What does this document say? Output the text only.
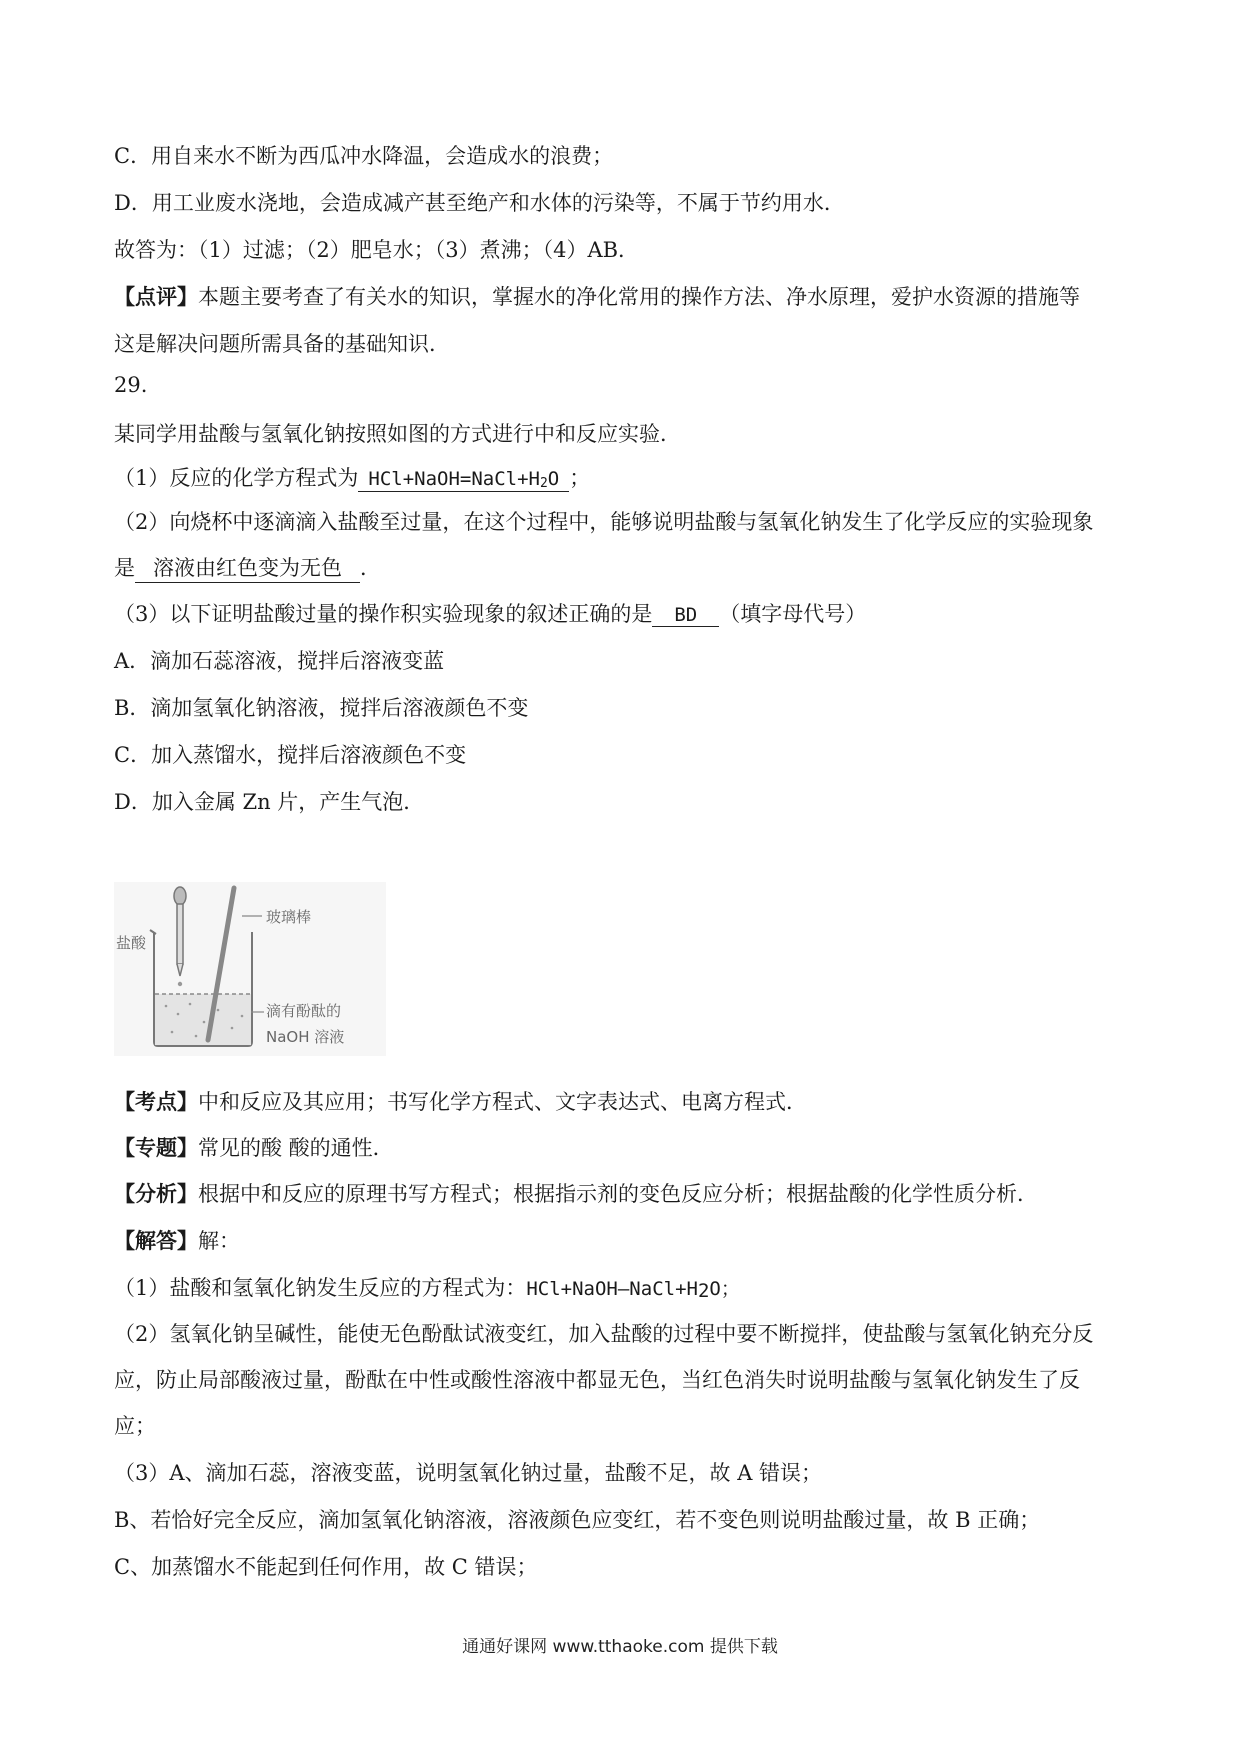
C．用自来水不断为西瓜冲水降温，会造成水的浪费；
D．用工业废水浇地，会造成减产甚至绝产和水体的污染等，不属于节约用水．
故答为：（1）过滤；（2）肥皂水；（3）煮沸；（4）AB．
【点评】本题主要考查了有关水的知识，掌握水的净化常用的操作方法、净水原理，爱护水资源的措施等
这是解决问题所需具备的基础知识．
29.
某同学用盐酸与氢氧化钠按照如图的方式进行中和反应实验．
（1）反应的化学方程式为 $HCl+NaOH=NaCl+H_2O$ ；
（2）向烧杯中逐滴滴入盐酸至过量，在这个过程中，能够说明盐酸与氢氧化钠发生了化学反应的实验现象
是 溶液由红色变为无色 ．
（3）以下证明盐酸过量的操作积实验现象的叙述正确的是 BD （填字母代号）
A．滴加石蕊溶液，搅拌后溶液变蓝
B．滴加氢氧化钠溶液，搅拌后溶液颜色不变
C．加入蒸馏水，搅拌后溶液颜色不变
D．加入金属 Zn 片，产生气泡．
玻璃棒
盐酸
滴有酚酞的
NaOH 溶液
【考点】中和反应及其应用；书写化学方程式、文字表达式、电离方程式．
【专题】常见的酸 酸的通性．
【分析】根据中和反应的原理书写方程式；根据指示剂的变色反应分析；根据盐酸的化学性质分析．
【解答】解：
（1）盐酸和氢氧化钠发生反应的方程式为：$HCl+NaOH—NaCl+H_2O$；
（2）氢氧化钠呈碱性，能使无色酚酞试液变红，加入盐酸的过程中要不断搅拌，使盐酸与氢氧化钠充分反
应，防止局部酸液过量，酚酞在中性或酸性溶液中都显无色，当红色消失时说明盐酸与氢氧化钠发生了反
应；
（3）A、滴加石蕊，溶液变蓝，说明氢氧化钠过量，盐酸不足，故 A 错误；
B、若恰好完全反应，滴加氢氧化钠溶液，溶液颜色应变红，若不变色则说明盐酸过量，故 B 正确；
C、加蒸馏水不能起到任何作用，故 C 错误；
通通好课网 www.tthaoke.com 提供下载
